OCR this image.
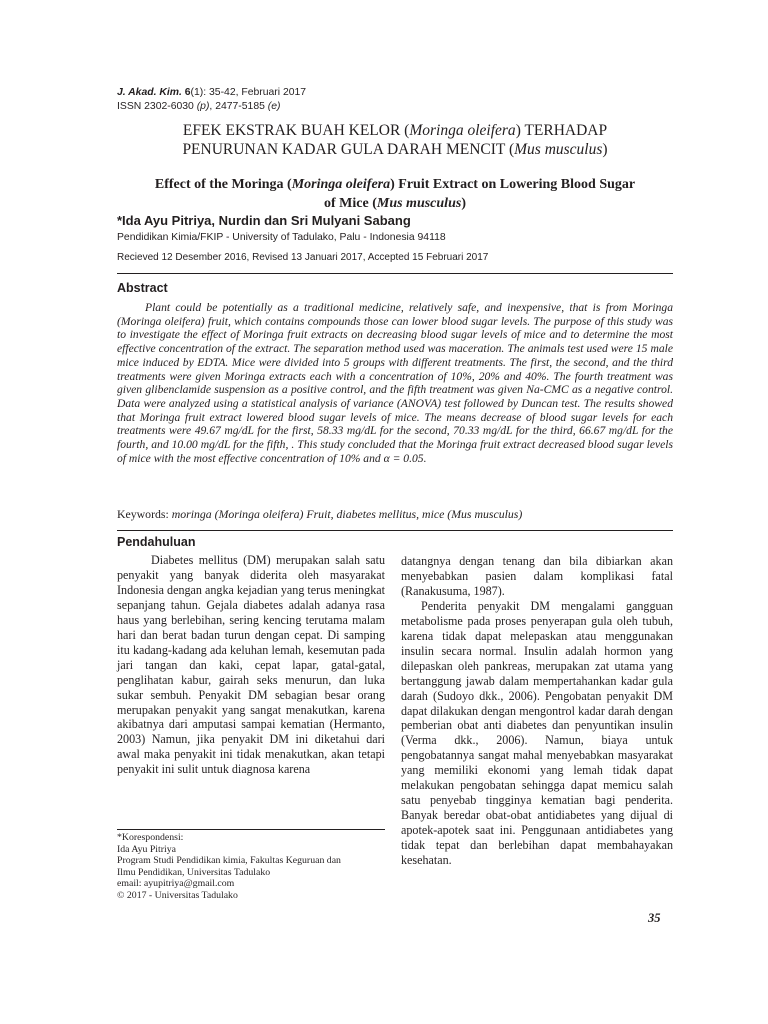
J. Akad. Kim. 6(1): 35-42, Februari 2017
ISSN 2302-6030 (p), 2477-5185 (e)
EFEK EKSTRAK BUAH KELOR (Moringa oleifera) TERHADAP
PENURUNAN KADAR GULA DARAH MENCIT (Mus musculus)
Effect of the Moringa (Moringa oleifera) Fruit Extract on Lowering Blood Sugar
of Mice (Mus musculus)
*Ida Ayu Pitriya, Nurdin dan Sri Mulyani Sabang
Pendidikan Kimia/FKIP - University of Tadulako, Palu - Indonesia 94118
Recieved 12 Desember 2016, Revised 13 Januari 2017, Accepted 15 Februari 2017
Abstract
Plant could be potentially as a traditional medicine, relatively safe, and inexpensive, that is from Moringa (Moringa oleifera) fruit, which contains compounds those can lower blood sugar levels. The purpose of this study was to investigate the effect of Moringa fruit extracts on decreasing blood sugar levels of mice and to determine the most effective concentration of the extract. The separation method used was maceration. The animals test used were 15 male mice induced by EDTA. Mice were divided into 5 groups with different treatments. The first, the second, and the third treatments were given Moringa extracts each with a concentration of 10%, 20% and 40%. The fourth treatment was given glibenclamide suspension as a positive control, and the fifth treatment was given Na-CMC as a negative control. Data were analyzed using a statistical analysis of variance (ANOVA) test followed by Duncan test. The results showed that Moringa fruit extract lowered blood sugar levels of mice. The means decrease of blood sugar levels for each treatments were 49.67 mg/dL for the first, 58.33 mg/dL for the second, 70.33 mg/dL for the third, 66.67 mg/dL for the fourth, and 10.00 mg/dL for the fifth, . This study concluded that the Moringa fruit extract decreased blood sugar levels of mice with the most effective concentration of 10% and α = 0.05.
Keywords: moringa (Moringa oleifera) Fruit, diabetes mellitus, mice (Mus musculus)
Pendahuluan
Diabetes mellitus (DM) merupakan salah satu penyakit yang banyak diderita oleh masyarakat Indonesia dengan angka kejadian yang terus meningkat sepanjang tahun. Gejala diabetes adalah adanya rasa haus yang berlebihan, sering kencing terutama malam hari dan berat badan turun dengan cepat. Di samping itu kadang-kadang ada keluhan lemah, kesemutan pada jari tangan dan kaki, cepat lapar, gatal-gatal, penglihatan kabur, gairah seks menurun, dan luka sukar sembuh. Penyakit DM sebagian besar orang merupakan penyakit yang sangat menakutkan, karena akibatnya dari amputasi sampai kematian (Hermanto, 2003) Namun, jika penyakit DM ini diketahui dari awal maka penyakit ini tidak menakutkan, akan tetapi penyakit ini sulit untuk diagnosa karena

datangnya dengan tenang dan bila dibiarkan akan menyebabkan pasien dalam komplikasi fatal (Ranakusuma, 1987).

Penderita penyakit DM mengalami gangguan metabolisme pada proses penyerapan gula oleh tubuh, karena tidak dapat melepaskan atau menggunakan insulin secara normal. Insulin adalah hormon yang dilepaskan oleh pankreas, merupakan zat utama yang bertanggung jawab dalam mempertahankan kadar gula darah (Sudoyo dkk., 2006). Pengobatan penyakit DM dapat dilakukan dengan mengontrol kadar darah dengan pemberian obat anti diabetes dan penyuntikan insulin (Verma dkk., 2006). Namun, biaya untuk pengobatannya sangat mahal menyebabkan masyarakat yang memiliki ekonomi yang lemah tidak dapat melakukan pengobatan sehingga dapat memicu salah satu penyebab tingginya kematian bagi penderita. Banyak beredar obat-obat antidiabetes yang dijual di apotek-apotek saat ini. Penggunaan antidiabetes yang tidak tepat dan berlebihan dapat membahayakan kesehatan.

*Korespondensi:
Ida Ayu Pitriya
Program Studi Pendidikan kimia, Fakultas Keguruan dan
Ilmu Pendidikan, Universitas Tadulako
email: ayupitriya@gmail.com
© 2017 - Universitas Tadulako
35
